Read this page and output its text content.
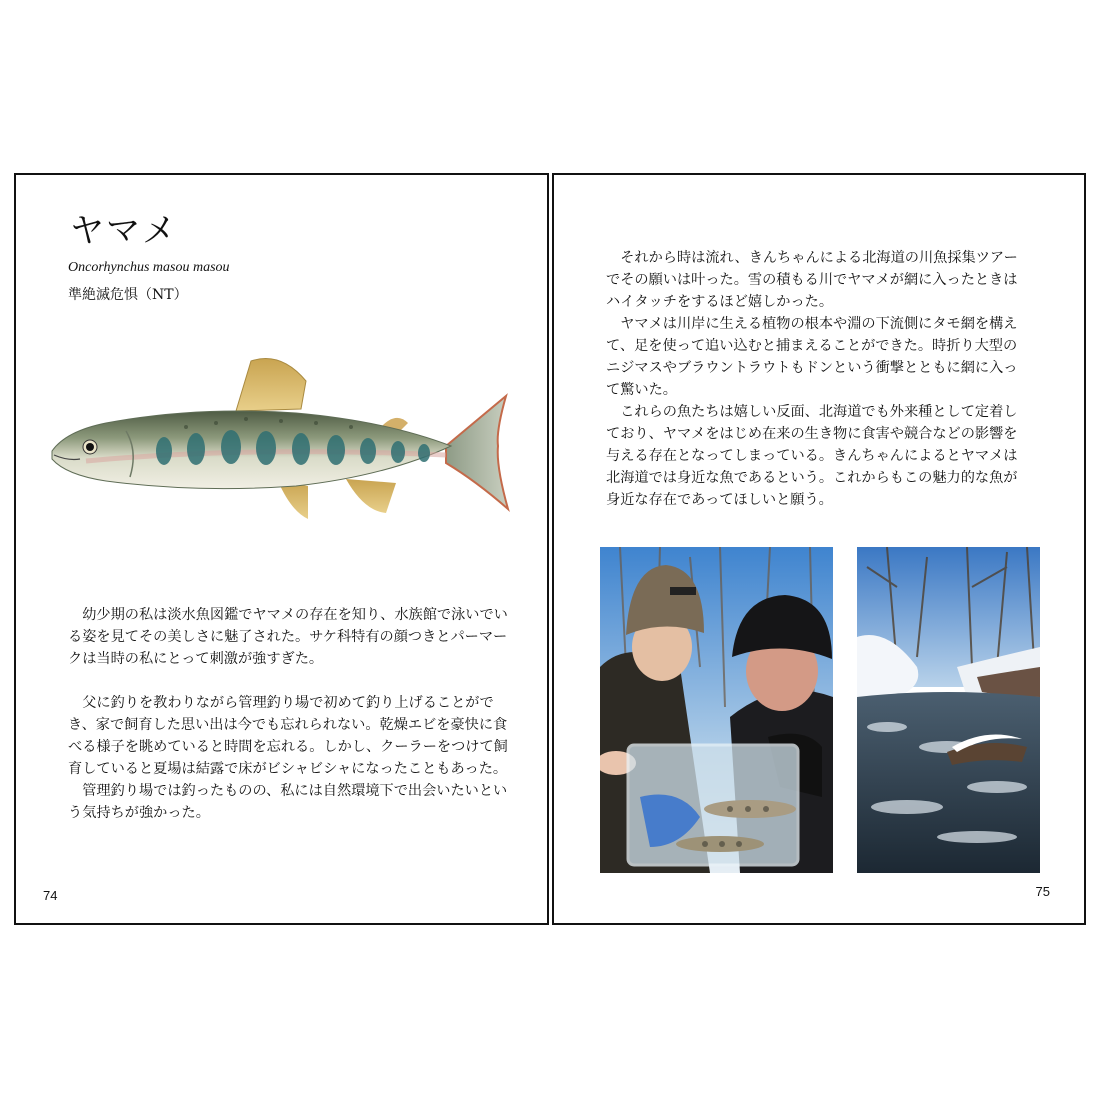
ヤマメ
Oncorhynchus masou masou
準絶滅危惧（NT）

幼少期の私は淡水魚図鑑でヤマメの存在を知り、水族館で泳いでいる姿を見てその美しさに魅了された。サケ科特有の顔つきとパーマークは当時の私にとって刺激が強すぎた。

父に釣りを教わりながら管理釣り場で初めて釣り上げることができ、家で飼育した思い出は今でも忘れられない。乾燥エビを豪快に食べる様子を眺めていると時間を忘れる。しかし、クーラーをつけて飼育していると夏場は結露で床がビシャビシャになったこともあった。

管理釣り場では釣ったものの、私には自然環境下で出会いたいという気持ちが強かった。

74

それから時は流れ、きんちゃんによる北海道の川魚採集ツアーでその願いは叶った。雪の積もる川でヤマメが網に入ったときはハイタッチをするほど嬉しかった。

ヤマメは川岸に生える植物の根本や淵の下流側にタモ網を構えて、足を使って追い込むと捕まえることができた。時折り大型のニジマスやブラウントラウトもドンという衝撃とともに網に入って驚いた。

これらの魚たちは嬉しい反面、北海道でも外来種として定着しており、ヤマメをはじめ在来の生き物に食害や競合などの影響を与える存在となってしまっている。きんちゃんによるとヤマメは北海道では身近な魚であるという。これからもこの魅力的な魚が身近な存在であってほしいと願う。

75
